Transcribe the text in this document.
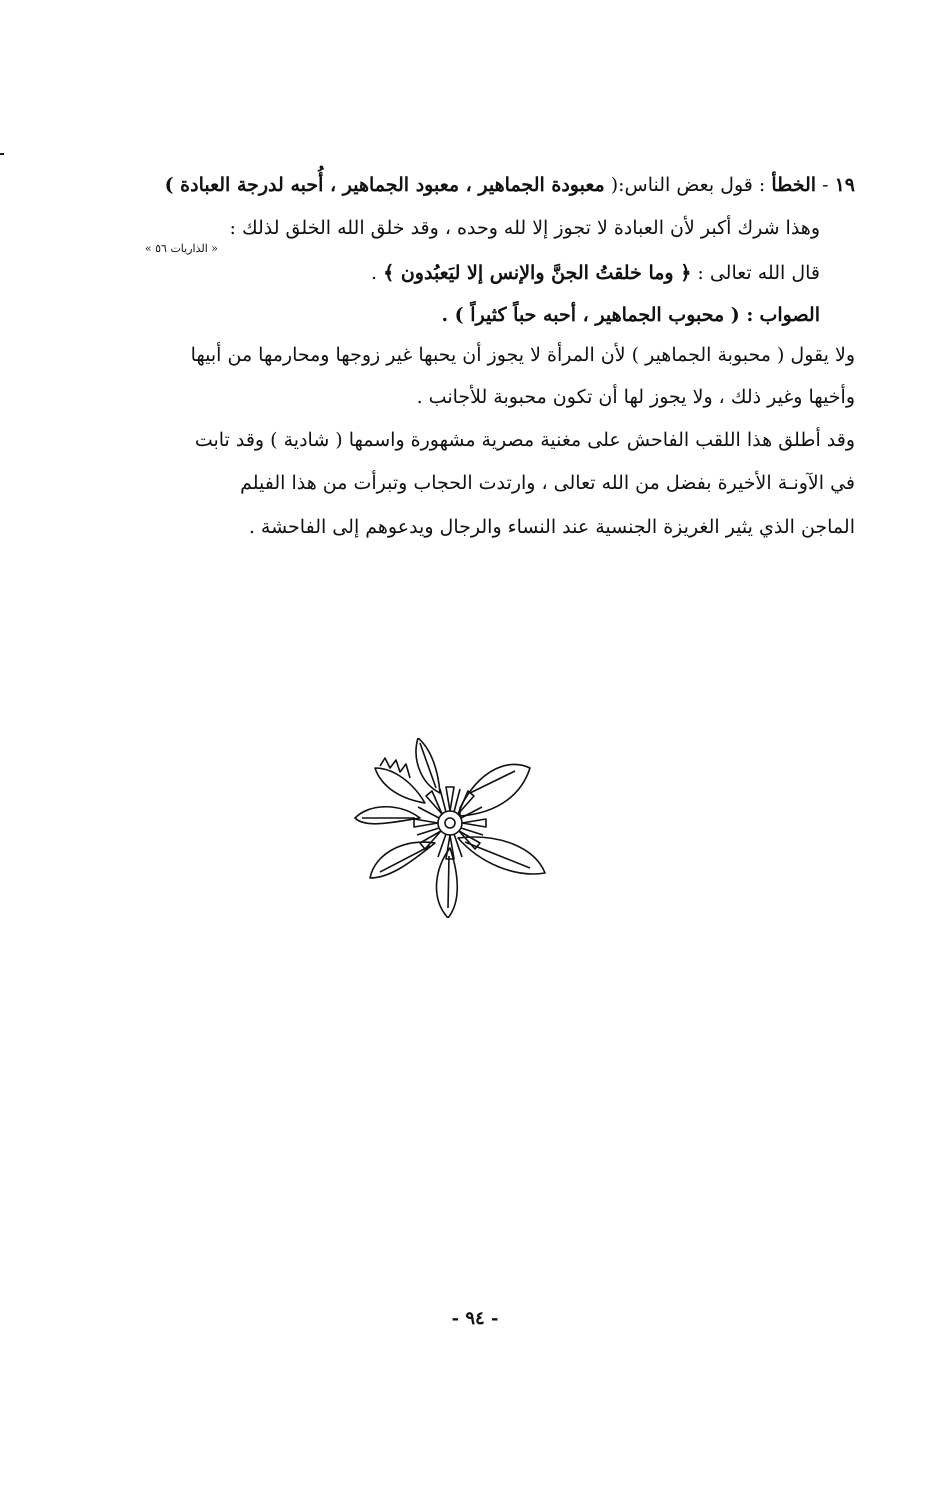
١٩ - الخطأ : قول بعض الناس:( معبودة الجماهير ، معبود الجماهير ، أُحبه لدرجة العبادة )
وهذا شرك أكبر لأن العبادة لا تجوز إلا لله وحده ، وقد خلق الله الخلق لذلك :
« الذاريات ٥٦ »
قال الله تعالى : ﴿ وما خلقتُ الجنَّ والإنس إلا ليَعبُدون ﴾ .
الصواب : ( محبوب الجماهير ، أحبه حباً كثيراً ) .
ولا يقول ( محبوبة الجماهير ) لأن المرأة لا يجوز أن يحبها غير زوجها ومحارمها من أبيها
وأخيها وغير ذلك ، ولا يجوز لها أن تكون محبوبة للأجانب .
وقد أطلق هذا اللقب الفاحش على مغنية مصرية مشهورة واسمها ( شادية ) وقد تابت
في الآونـة الأخيرة بفضل من الله تعالى ، وارتدت الحجاب وتبرأت من هذا الفيلم
الماجن الذي يثير الغريزة الجنسية عند النساء والرجال ويدعوهم إلى الفاحشة .
- ٩٤ -
